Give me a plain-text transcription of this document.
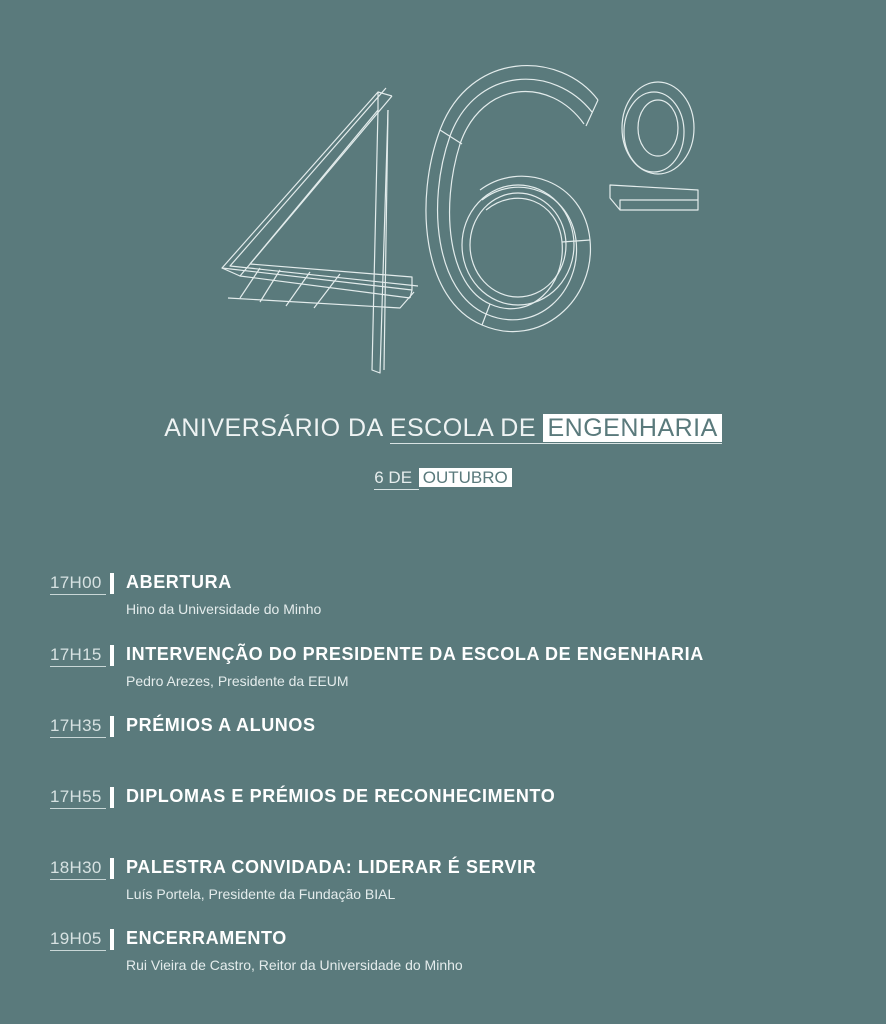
ANIVERSÁRIO DA ESCOLA DE ENGENHARIA
6 DE OUTUBRO
17H00 ABERTURA
Hino da Universidade do Minho
17H15 INTERVENÇÃO DO PRESIDENTE DA ESCOLA DE ENGENHARIA
Pedro Arezes, Presidente da EEUM
17H35 PRÉMIOS A ALUNOS
17H55 DIPLOMAS E PRÉMIOS DE RECONHECIMENTO
18H30 PALESTRA CONVIDADA: LIDERAR É SERVIR
Luís Portela, Presidente da Fundação BIAL
19H05 ENCERRAMENTO
Rui Vieira de Castro, Reitor da Universidade do Minho
